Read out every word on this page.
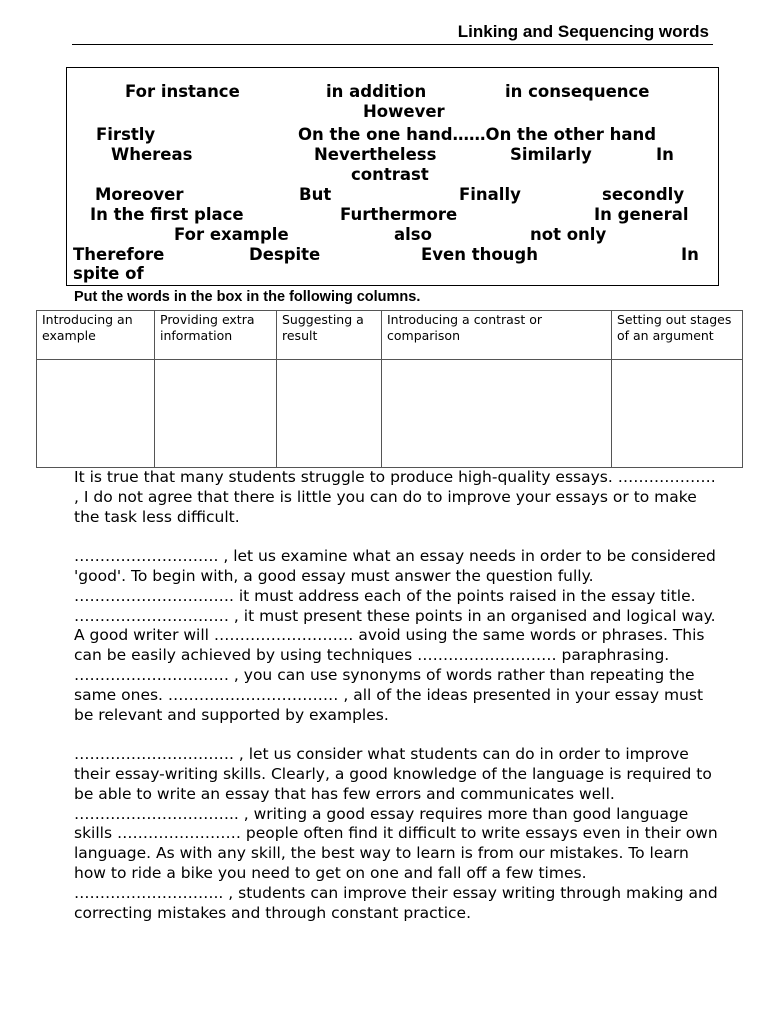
Linking and Sequencing words
For instance	in addition	in consequence
However
Firstly	On the one hand……On the other hand
Whereas	Nevertheless	Similarly	In
contrast
Moreover	But	Finally	secondly
In the first place	Furthermore	In general
For example	also	not only
Therefore	Despite	Even though	In
spite of
Put the words in the box in the following columns.
Introducing an example	Providing extra information	Suggesting a result	Introducing a contrast or comparison	Setting out stages of an argument

It is true that many students struggle to produce high-quality essays. ………………. , I do not agree that there is little you can do to improve your essays or to make the task less difficult.

………………………. , let us examine what an essay needs in order to be considered 'good'. To begin with, a good essay must answer the question fully. …………………………. it must address each of the points raised in the essay title. ………………………… , it must present these points in an organised and logical way. A good writer will ……………………… avoid using the same words or phrases. This can be easily achieved by using techniques ……………………… paraphrasing. ………………………… , you can use synonyms of words rather than repeating the same ones. …………………………… , all of the ideas presented in your essay must be relevant and supported by examples.

…………………………. , let us consider what students can do in order to improve their essay-writing skills. Clearly, a good knowledge of the language is required to be able to write an essay that has few errors and communicates well. ………………………….. , writing a good essay requires more than good language skills …………………… people often find it difficult to write essays even in their own language. As with any skill, the best way to learn is from our mistakes. To learn how to ride a bike you need to get on one and fall off a few times. ……………………….. , students can improve their essay writing through making and correcting mistakes and through constant practice.
